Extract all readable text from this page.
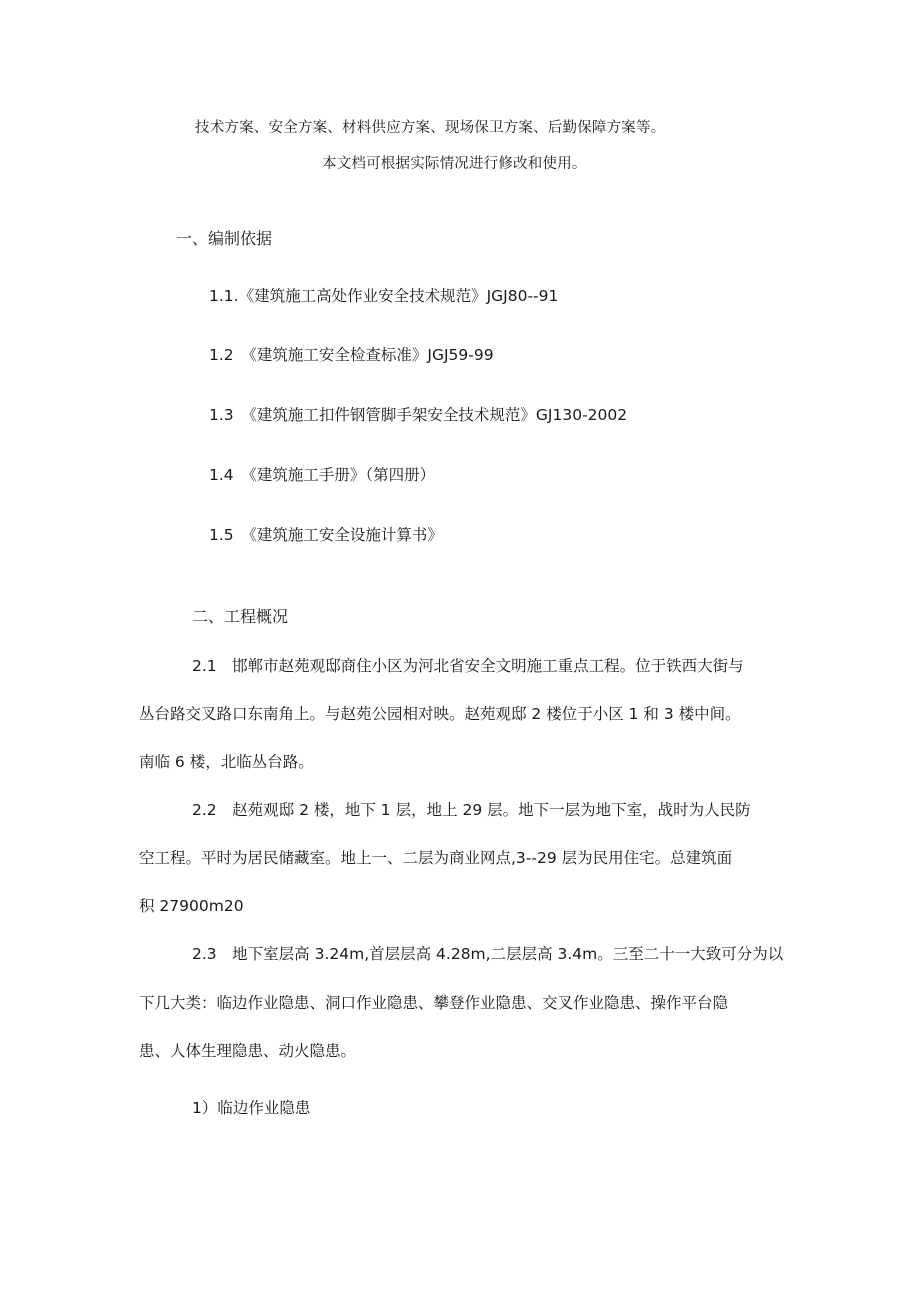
技术方案、安全方案、材料供应方案、现场保卫方案、后勤保障方案等。
本文档可根据实际情况进行修改和使用。
一、编制依据
1.1.《建筑施工高处作业安全技术规范》JGJ80--91
1.2　《建筑施工安全检查标准》JGJ59-99
1.3　《建筑施工扣件钢管脚手架安全技术规范》GJ130-2002
1.4　《建筑施工手册》（第四册）
1.5　《建筑施工安全设施计算书》
二、工程概况
2.1　邯郸市赵苑观邸商住小区为河北省安全文明施工重点工程。位于铁西大街与
丛台路交叉路口东南角上。与赵苑公园相对映。赵苑观邸 2 楼位于小区 1 和 3 楼中间。
南临 6 楼，北临丛台路。
2.2　赵苑观邸 2 楼，地下 1 层，地上 29 层。地下一层为地下室，战时为人民防
空工程。平时为居民储藏室。地上一、二层为商业网点,3--29 层为民用住宅。总建筑面
积 27900m20
2.3　地下室层高 3.24m,首层层高 4.28m,二层层高 3.4m。三至二十一大致可分为以
下几大类：临边作业隐患、洞口作业隐患、攀登作业隐患、交叉作业隐患、操作平台隐
患、人体生理隐患、动火隐患。
1）临边作业隐患
